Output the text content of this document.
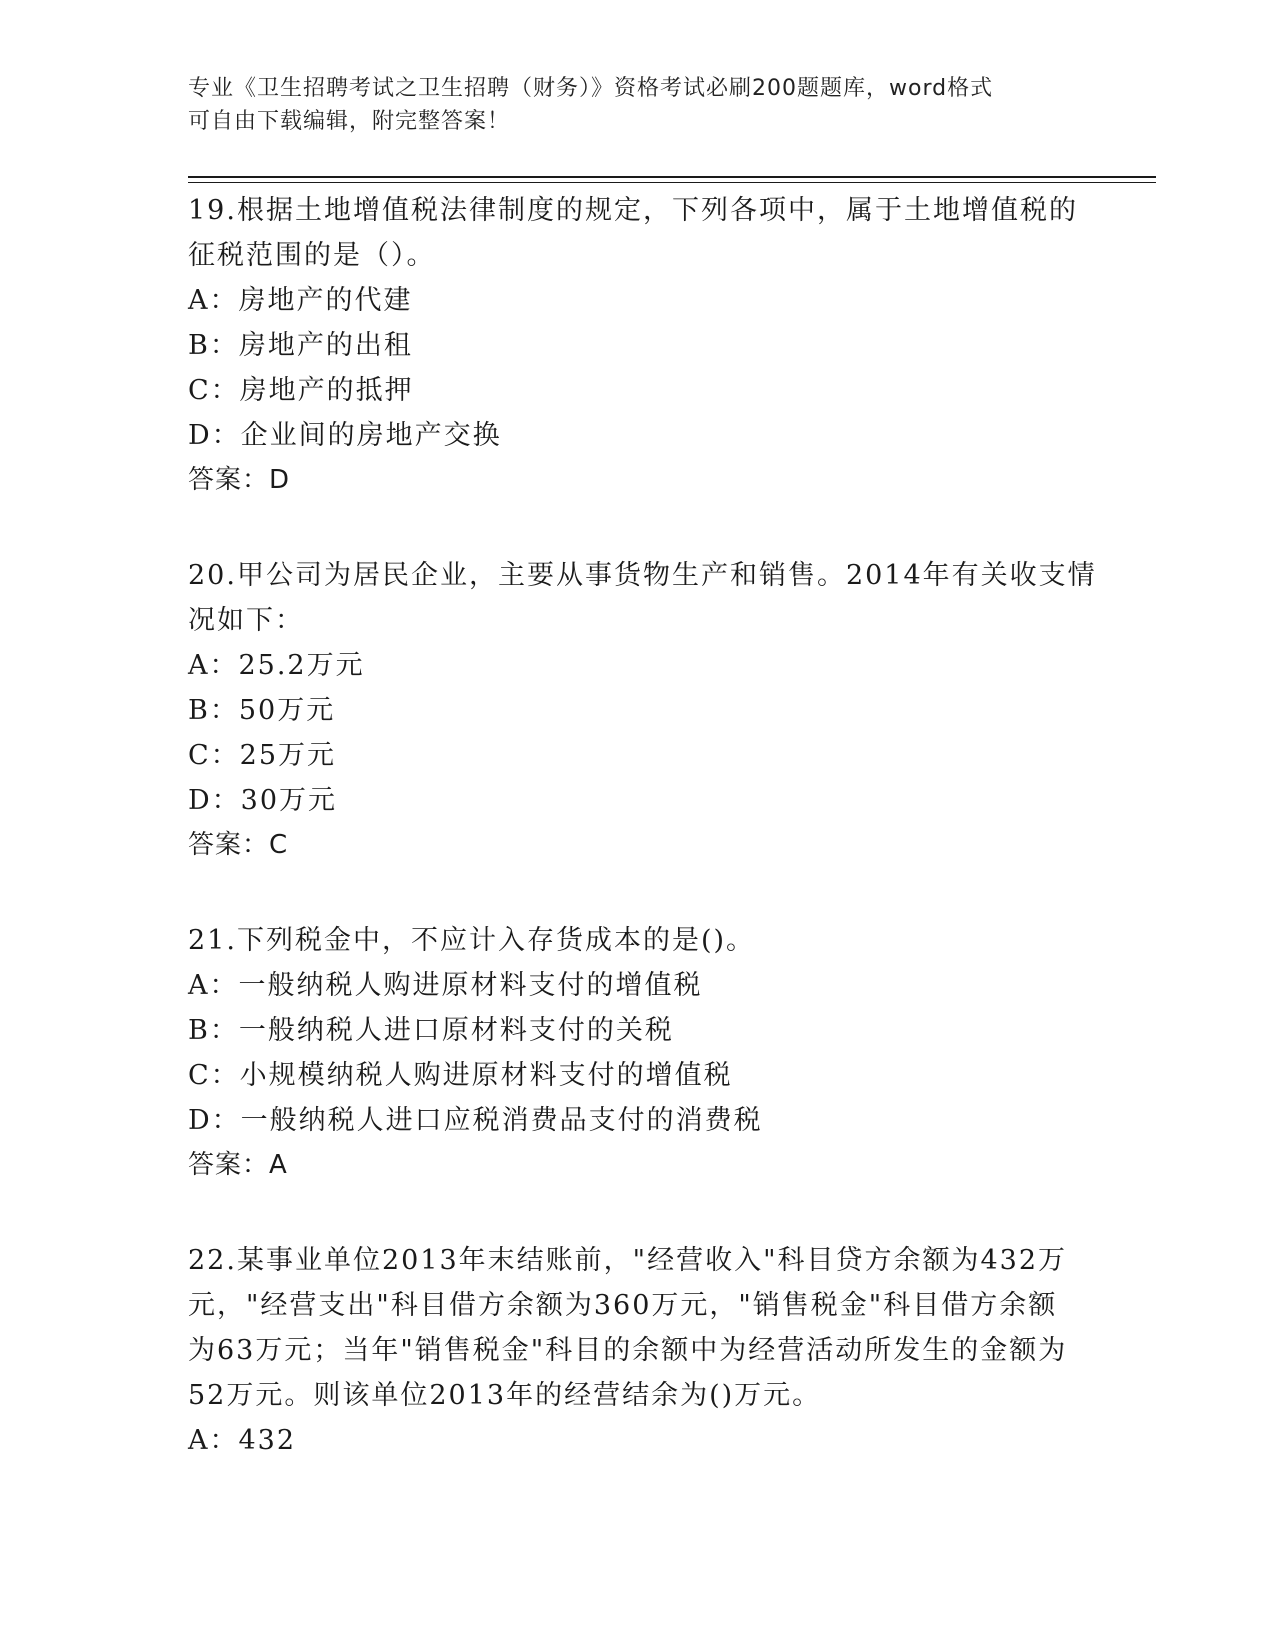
专业《卫生招聘考试之卫生招聘（财务）》资格考试必刷200题题库，word格式
可自由下载编辑，附完整答案！
19.根据土地增值税法律制度的规定，下列各项中，属于土地增值税的
征税范围的是（）。
A：房地产的代建
B：房地产的出租
C：房地产的抵押
D：企业间的房地产交换
答案：D
20.甲公司为居民企业，主要从事货物生产和销售。2014年有关收支情
况如下：
A：25.2万元
B：50万元
C：25万元
D：30万元
答案：C
21.下列税金中，不应计入存货成本的是()。
A：一般纳税人购进原材料支付的增值税
B：一般纳税人进口原材料支付的关税
C：小规模纳税人购进原材料支付的增值税
D：一般纳税人进口应税消费品支付的消费税
答案：A
22.某事业单位2013年末结账前，"经营收入"科目贷方余额为432万
元，"经营支出"科目借方余额为360万元，"销售税金"科目借方余额
为63万元；当年"销售税金"科目的余额中为经营活动所发生的金额为
52万元。则该单位2013年的经营结余为()万元。
A：432
